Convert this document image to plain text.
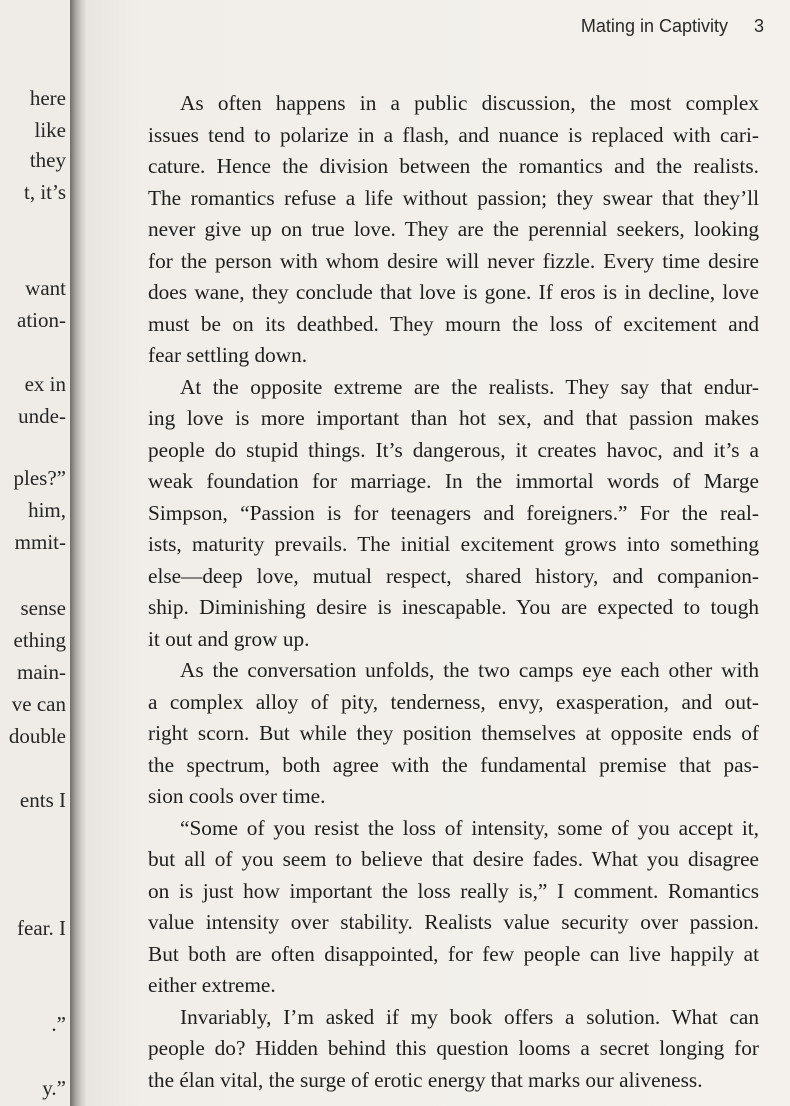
here
like
they
t, it’s
want
ation-
ex in
unde-
ples?”
him,
mmit-
sense
ething
main-
ve can
double
ents I
fear. I
.”
y.”
Mating in Captivity 3

As often happens in a public discussion, the most complex
issues tend to polarize in a flash, and nuance is replaced with cari-
cature. Hence the division between the romantics and the realists.
The romantics refuse a life without passion; they swear that they’ll
never give up on true love. They are the perennial seekers, looking
for the person with whom desire will never fizzle. Every time desire
does wane, they conclude that love is gone. If eros is in decline, love
must be on its deathbed. They mourn the loss of excitement and
fear settling down.

At the opposite extreme are the realists. They say that endur-
ing love is more important than hot sex, and that passion makes
people do stupid things. It’s dangerous, it creates havoc, and it’s a
weak foundation for marriage. In the immortal words of Marge
Simpson, “Passion is for teenagers and foreigners.” For the real-
ists, maturity prevails. The initial excitement grows into something
else—deep love, mutual respect, shared history, and companion-
ship. Diminishing desire is inescapable. You are expected to tough
it out and grow up.

As the conversation unfolds, the two camps eye each other with
a complex alloy of pity, tenderness, envy, exasperation, and out-
right scorn. But while they position themselves at opposite ends of
the spectrum, both agree with the fundamental premise that pas-
sion cools over time.

“Some of you resist the loss of intensity, some of you accept it,
but all of you seem to believe that desire fades. What you disagree
on is just how important the loss really is,” I comment. Romantics
value intensity over stability. Realists value security over passion.
But both are often disappointed, for few people can live happily at
either extreme.

Invariably, I’m asked if my book offers a solution. What can
people do? Hidden behind this question looms a secret longing for
the élan vital, the surge of erotic energy that marks our aliveness.
